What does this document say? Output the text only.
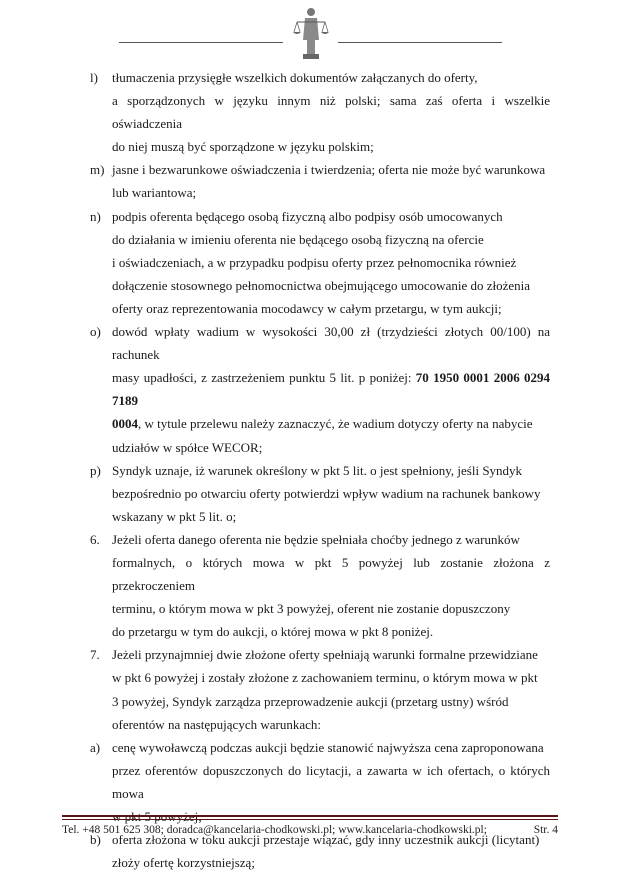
l) tłumaczenia przysięgłe wszelkich dokumentów załączanych do oferty,
a sporządzonych w języku innym niż polski; sama zaś oferta i wszelkie oświadczenia
do niej muszą być sporządzone w języku polskim;

m) jasne i bezwarunkowe oświadczenia i twierdzenia; oferta nie może być warunkowa
lub wariantowa;

n) podpis oferenta będącego osobą fizyczną albo podpisy osób umocowanych
do działania w imieniu oferenta nie będącego osobą fizyczną na ofercie
i oświadczeniach, a w przypadku podpisu oferty przez pełnomocnika również
dołączenie stosownego pełnomocnictwa obejmującego umocowanie do złożenia
oferty oraz reprezentowania mocodawcy w całym przetargu, w tym aukcji;

o) dowód wpłaty wadium w wysokości 30,00 zł (trzydzieści złotych 00/100) na rachunek
masy upadłości, z zastrzeżeniem punktu 5 lit. p poniżej: 70 1950 0001 2006 0294 7189
0004, w tytule przelewu należy zaznaczyć, że wadium dotyczy oferty na nabycie
udziałów w spółce WECOR;

p) Syndyk uznaje, iż warunek określony w pkt 5 lit. o jest spełniony, jeśli Syndyk
bezpośrednio po otwarciu oferty potwierdzi wpływ wadium na rachunek bankowy
wskazany w pkt 5 lit. o;

6. Jeżeli oferta danego oferenta nie będzie spełniała choćby jednego z warunków
formalnych, o których mowa w pkt 5 powyżej lub zostanie złożona z przekroczeniem
terminu, o którym mowa w pkt 3 powyżej, oferent nie zostanie dopuszczony
do przetargu w tym do aukcji, o której mowa w pkt 8 poniżej.

7. Jeżeli przynajmniej dwie złożone oferty spełniają warunki formalne przewidziane
w pkt 6 powyżej i zostały złożone z zachowaniem terminu, o którym mowa w pkt
3 powyżej, Syndyk zarządza przeprowadzenie aukcji (przetarg ustny) wśród
oferentów na następujących warunkach:

a) cenę wywoławczą podczas aukcji będzie stanowić najwyższa cena zaproponowana
przez oferentów dopuszczonych do licytacji, a zawarta w ich ofertach, o których mowa

b) oferta złożona w toku aukcji przestaje wiązać, gdy inny uczestnik aukcji (licytant)
złoży ofertę korzystniejszą;

Tel. +48 501 625 308; doradca@kancelaria-chodkowski.pl; www.kancelaria-chodkowski.pl;	Str. 4
